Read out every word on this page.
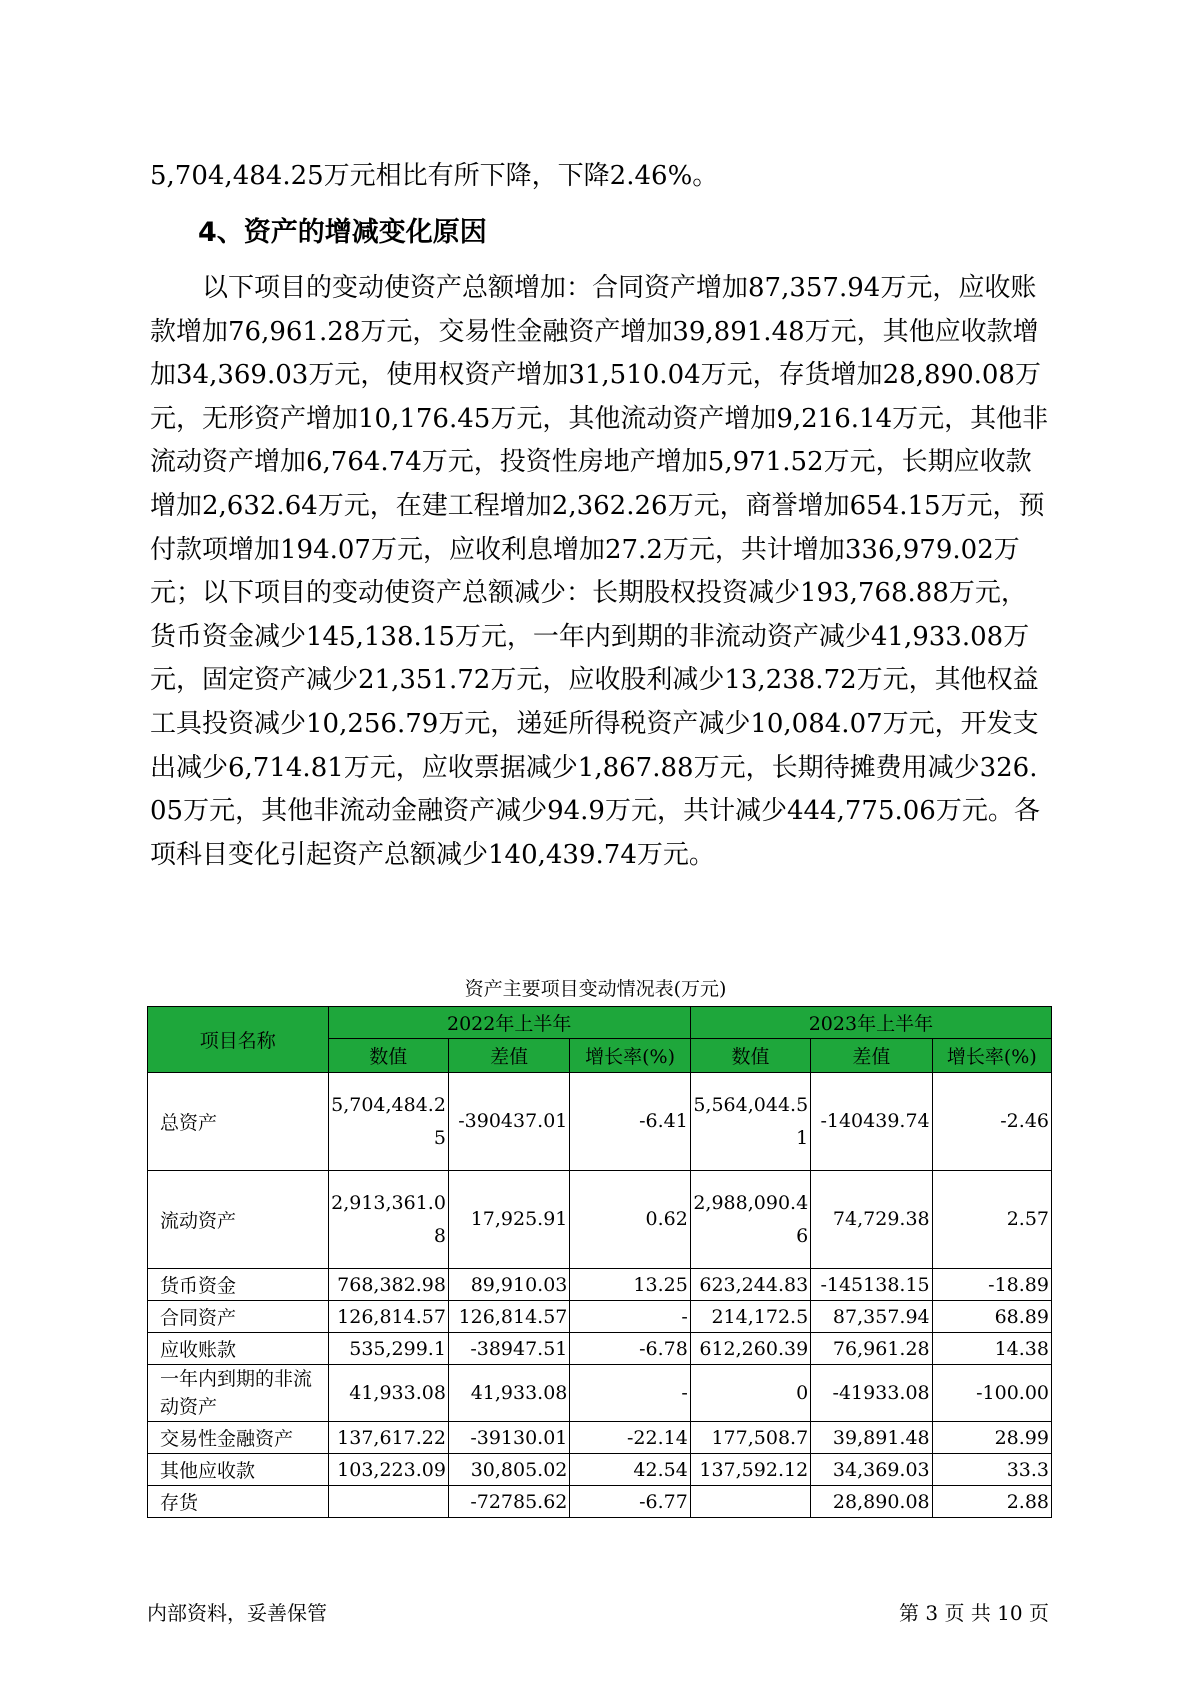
5,704,484.25万元相比有所下降，下降2.46%。

4、资产的增减变化原因

以下项目的变动使资产总额增加：合同资产增加87,357.94万元，应收账款增加76,961.28万元，交易性金融资产增加39,891.48万元，其他应收款增加34,369.03万元，使用权资产增加31,510.04万元，存货增加28,890.08万元，无形资产增加10,176.45万元，其他流动资产增加9,216.14万元，其他非流动资产增加6,764.74万元，投资性房地产增加5,971.52万元，长期应收款增加2,632.64万元，在建工程增加2,362.26万元，商誉增加654.15万元，预付款项增加194.07万元，应收利息增加27.2万元，共计增加336,979.02万元；以下项目的变动使资产总额减少：长期股权投资减少193,768.88万元，货币资金减少145,138.15万元，一年内到期的非流动资产减少41,933.08万元，固定资产减少21,351.72万元，应收股利减少13,238.72万元，其他权益工具投资减少10,256.79万元，递延所得税资产减少10,084.07万元，开发支出减少6,714.81万元，应收票据减少1,867.88万元，长期待摊费用减少326.05万元，其他非流动金融资产减少94.9万元，共计减少444,775.06万元。各项科目变化引起资产总额减少140,439.74万元。

资产主要项目变动情况表(万元)
项目名称	2022年上半年			2023年上半年		
	数值	差值	增长率(%)	数值	差值	增长率(%)
总资产	5,704,484.25	-390437.01	-6.41	5,564,044.51	-140439.74	-2.46
流动资产	2,913,361.08	17,925.91	0.62	2,988,090.46	74,729.38	2.57
货币资金	768,382.98	89,910.03	13.25	623,244.83	-145138.15	-18.89
合同资产	126,814.57	126,814.57	-	214,172.5	87,357.94	68.89
应收账款	535,299.1	-38947.51	-6.78	612,260.39	76,961.28	14.38
一年内到期的非流动资产	41,933.08	41,933.08	-	0	-41933.08	-100.00
交易性金融资产	137,617.22	-39130.01	-22.14	177,508.7	39,891.48	28.99
其他应收款	103,223.09	30,805.02	42.54	137,592.12	34,369.03	33.3
存货		-72785.62	-6.77		28,890.08	2.88
内部资料，妥善保管	第 3 页 共 10 页
